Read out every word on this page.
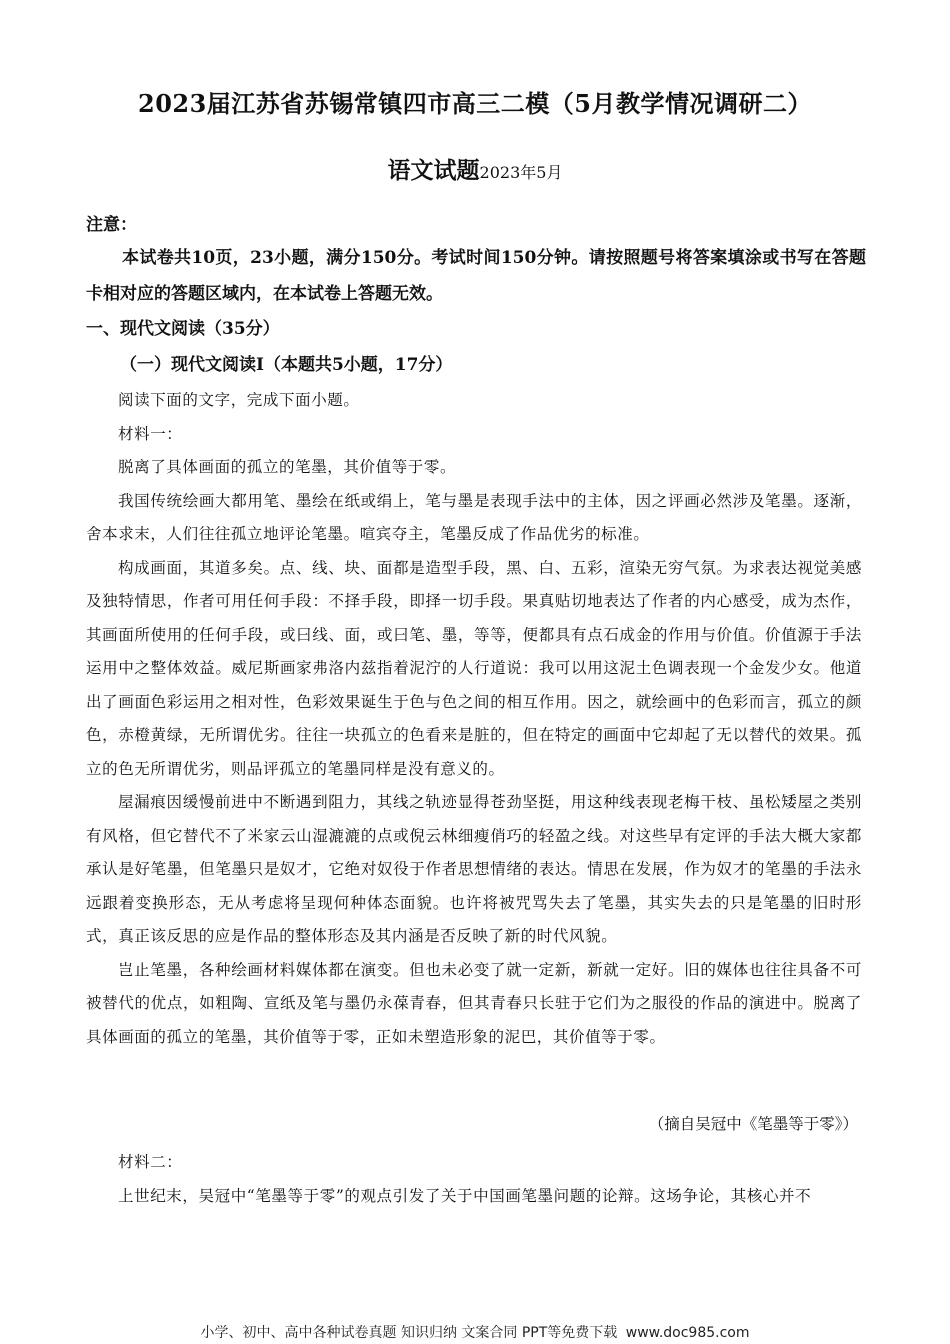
2023届江苏省苏锡常镇四市高三二模（5月教学情况调研二）
语文试题2023年5月
注意：
本试卷共10页，23小题，满分150分。考试时间150分钟。请按照题号将答案填涂或书写在答题卡相对应的答题区域内，在本试卷上答题无效。
一、现代文阅读（35分）
（一）现代文阅读Ⅰ（本题共5小题，17分）
阅读下面的文字，完成下面小题。
材料一：
脱离了具体画面的孤立的笔墨，其价值等于零。
我国传统绘画大都用笔、墨绘在纸或绢上，笔与墨是表现手法中的主体，因之评画必然涉及笔墨。逐渐，舍本求末，人们往往孤立地评论笔墨。喧宾夺主，笔墨反成了作品优劣的标准。
构成画面，其道多矣。点、线、块、面都是造型手段，黑、白、五彩，渲染无穷气氛。为求表达视觉美感及独特情思，作者可用任何手段：不择手段，即择一切手段。果真贴切地表达了作者的内心感受，成为杰作，其画面所使用的任何手段，或曰线、面，或曰笔、墨，等等，便都具有点石成金的作用与价值。价值源于手法运用中之整体效益。威尼斯画家弗洛内兹指着泥泞的人行道说：我可以用这泥土色调表现一个金发少女。他道出了画面色彩运用之相对性，色彩效果诞生于色与色之间的相互作用。因之，就绘画中的色彩而言，孤立的颜色，赤橙黄绿，无所谓优劣。往往一块孤立的色看来是脏的，但在特定的画面中它却起了无以替代的效果。孤立的色无所谓优劣，则品评孤立的笔墨同样是没有意义的。
屋漏痕因缓慢前进中不断遇到阻力，其线之轨迹显得苍劲坚挺，用这种线表现老梅干枝、虽松矮屋之类别有风格，但它替代不了米家云山湿漉漉的点或倪云林细瘦俏巧的轻盈之线。对这些早有定评的手法大概大家都承认是好笔墨，但笔墨只是奴才，它绝对奴役于作者思想情绪的表达。情思在发展，作为奴才的笔墨的手法永远跟着变换形态，无从考虑将呈现何种体态面貌。也许将被咒骂失去了笔墨，其实失去的只是笔墨的旧时形式，真正该反思的应是作品的整体形态及其内涵是否反映了新的时代风貌。
岂止笔墨，各种绘画材料媒体都在演变。但也未必变了就一定新，新就一定好。旧的媒体也往往具备不可被替代的优点，如粗陶、宣纸及笔与墨仍永葆青春，但其青春只长驻于它们为之服役的作品的演进中。脱离了具体画面的孤立的笔墨，其价值等于零，正如未塑造形象的泥巴，其价值等于零。
（摘自吴冠中《笔墨等于零》）
材料二：
上世纪末，吴冠中“笔墨等于零”的观点引发了关于中国画笔墨问题的论辩。这场争论，其核心并不
小学、初中、高中各种试卷真题 知识归纳 文案合同 PPT等免费下载 www.doc985.com
